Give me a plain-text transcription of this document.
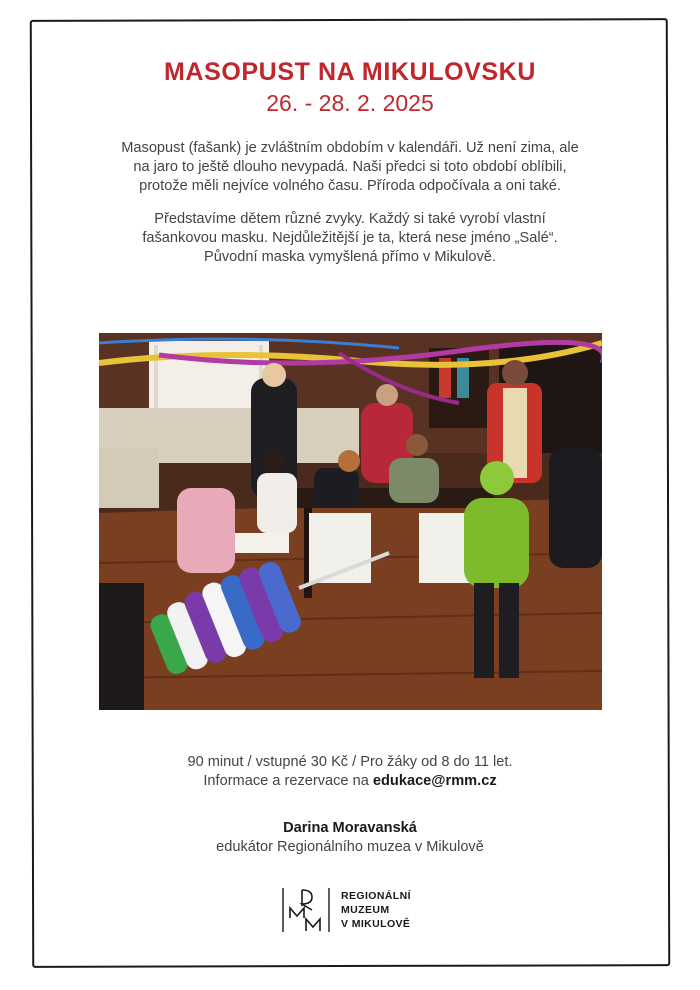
MASOPUST NA MIKULOVSKU
26. - 28. 2. 2025
Masopust (fašank) je zvláštním obdobím v kalendáři. Už není zima, ale
na jaro to ještě dlouho nevypadá. Naši předci si toto období oblíbili,
protože měli nejvíce volného času. Příroda odpočívala a oni také.
Představíme dětem různé zvyky. Každý si také vyrobí vlastní
fašankovou masku. Nejdůležitější je ta, která nese jméno „Salé“.
Původní maska vymyšlená přímo v Mikulově.
90 minut / vstupné 30 Kč / Pro žáky od 8 do 11 let.
Informace a rezervace na edukace@rmm.cz
Darina Moravanská
edukátor Regionálního muzea v Mikulově
REGIONÁLNÍ
MUZEUM
V MIKULOVĚ
